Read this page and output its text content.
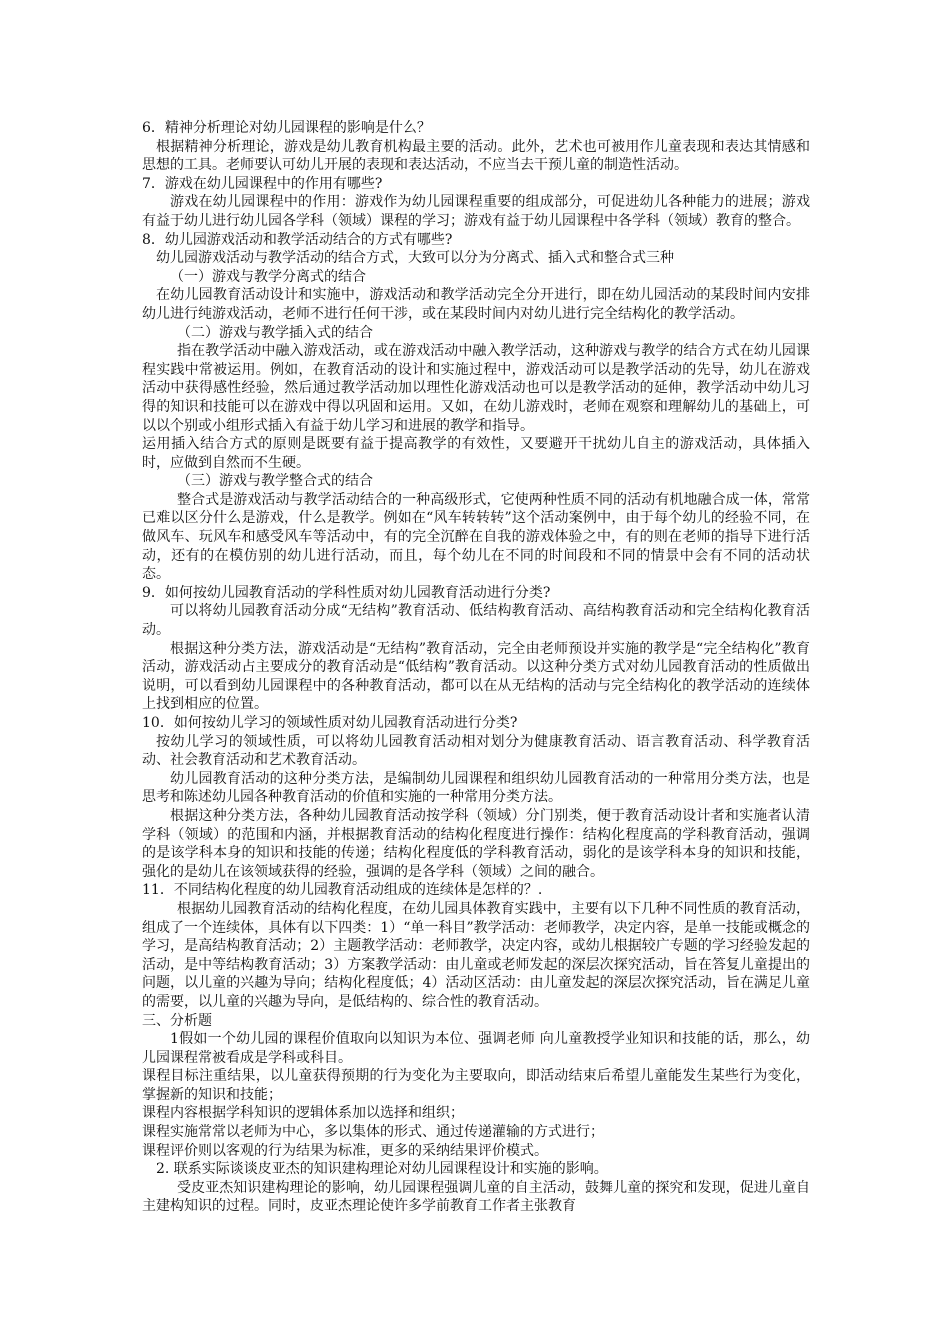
6．精神分析理论对幼儿园课程的影响是什么？

根据精神分析理论，游戏是幼儿教育机构最主要的活动。此外，艺术也可被用作儿童表现和表达其情感和思想的工具。老师要认可幼儿开展的表现和表达活动，不应当去干预儿童的制造性活动。

7．游戏在幼儿园课程中的作用有哪些?

游戏在幼儿园课程中的作用：游戏作为幼儿园课程重要的组成部分，可促进幼儿各种能力的进展；游戏有益于幼儿进行幼儿园各学科（领域）课程的学习；游戏有益于幼儿园课程中各学科（领域）教育的整合。

8．幼儿园游戏活动和教学活动结合的方式有哪些?

幼儿园游戏活动与教学活动的结合方式，大致可以分为分离式、插入式和整合式三种

（一）游戏与教学分离式的结合

在幼儿园教育活动设计和实施中，游戏活动和教学活动完全分开进行，即在幼儿园活动的某段时间内安排幼儿进行纯游戏活动，老师不进行任何干涉，或在某段时间内对幼儿进行完全结构化的教学活动。

（二）游戏与教学插入式的结合

指在教学活动中融入游戏活动，或在游戏活动中融入教学活动，这种游戏与教学的结合方式在幼儿园课程实践中常被运用。例如，在教育活动的设计和实施过程中，游戏活动可以是教学活动的先导，幼儿在游戏活动中获得感性经验，然后通过教学活动加以理性化游戏活动也可以是教学活动的延伸，教学活动中幼儿习得的知识和技能可以在游戏中得以巩固和运用。又如，在幼儿游戏时，老师在观察和理解幼儿的基础上，可以以个别或小组形式插入有益于幼儿学习和进展的教学和指导。

运用插入结合方式的原则是既要有益于提高教学的有效性，又要避开干扰幼儿自主的游戏活动，具体插入时，应做到自然而不生硬。

（三）游戏与教学整合式的结合

整合式是游戏活动与教学活动结合的一种高级形式，它使两种性质不同的活动有机地融合成一体，常常已难以区分什么是游戏，什么是教学。例如在“风车转转转”这个活动案例中，由于每个幼儿的经验不同，在做风车、玩风车和感受风车等活动中，有的完全沉醉在自我的游戏体验之中，有的则在老师的指导下进行活动，还有的在模仿别的幼儿进行活动，而且，每个幼儿在不同的时间段和不同的情景中会有不同的活动状态。

9．如何按幼儿园教育活动的学科性质对幼儿园教育活动进行分类?

可以将幼儿园教育活动分成“无结构”教育活动、低结构教育活动、高结构教育活动和完全结构化教育活动。

根据这种分类方法，游戏活动是“无结构”教育活动，完全由老师预设并实施的教学是“完全结构化”教育活动，游戏活动占主要成分的教育活动是“低结构”教育活动。以这种分类方式对幼儿园教育活动的性质做出说明，可以看到幼儿园课程中的各种教育活动，都可以在从无结构的活动与完全结构化的教学活动的连续体上找到相应的位置。

10．如何按幼儿学习的领域性质对幼儿园教育活动进行分类?

按幼儿学习的领域性质，可以将幼儿园教育活动相对划分为健康教育活动、语言教育活动、科学教育活动、社会教育活动和艺术教育活动。

幼儿园教育活动的这种分类方法，是编制幼儿园课程和组织幼儿园教育活动的一种常用分类方法，也是思考和陈述幼儿园各种教育活动的价值和实施的一种常用分类方法。

根据这种分类方法，各种幼儿园教育活动按学科（领域）分门别类，便于教育活动设计者和实施者认清学科（领域）的范围和内涵，并根据教育活动的结构化程度进行操作：结构化程度高的学科教育活动，强调的是该学科本身的知识和技能的传递；结构化程度低的学科教育活动，弱化的是该学科本身的知识和技能，强化的是幼儿在该领域获得的经验，强调的是各学科（领域）之间的融合。

11．不同结构化程度的幼儿园教育活动组成的连续体是怎样的？.

根据幼儿园教育活动的结构化程度，在幼儿园具体教育实践中，主要有以下几种不同性质的教育活动，组成了一个连续体，具体有以下四类：1）“单一科目”教学活动：老师教学，决定内容，是单一技能或概念的学习，是高结构教育活动；2）主题教学活动：老师教学，决定内容，或幼儿根据较广专题的学习经验发起的活动，是中等结构教育活动；3）方案教学活动：由儿童或老师发起的深层次探究活动，旨在答复儿童提出的问题，以儿童的兴趣为导向；结构化程度低；4）活动区活动：由儿童发起的深层次探究活动，旨在满足儿童的需要，以儿童的兴趣为导向，是低结构的、综合性的教育活动。

三、分析题

1假如一个幼儿园的课程价值取向以知识为本位、强调老师 向儿童教授学业知识和技能的话，那么，幼儿园课程常被看成是学科或科目。

课程目标注重结果，以儿童获得预期的行为变化为主要取向，即活动结束后希望儿童能发生某些行为变化，掌握新的知识和技能；

课程内容根据学科知识的逻辑体系加以选择和组织；

课程实施常常以老师为中心，多以集体的形式、通过传递灌输的方式进行；

课程评价则以客观的行为结果为标准，更多的采纳结果评价模式。

2. 联系实际谈谈皮亚杰的知识建构理论对幼儿园课程设计和实施的影响。

受皮亚杰知识建构理论的影响，幼儿园课程强调儿童的自主活动，鼓舞儿童的探究和发现，促进儿童自主建构知识的过程。同时，皮亚杰理论使许多学前教育工作者主张教育
